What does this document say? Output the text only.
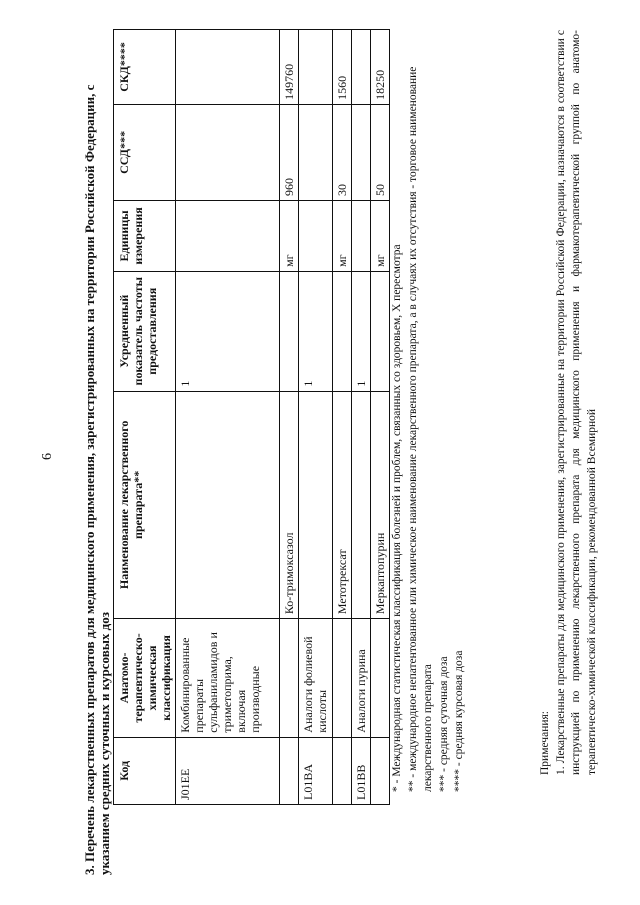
6 3. Перечень лекарственных препаратов для медицинского применения, зарегистрированных на территории Российской Федерации, с указанием средних суточных и курсовых доз Код	Анатомо-терапевтическо-химическая классификация	Наименование лекарственного препарата**	Усредненный показатель частоты предоставления	Единицы измерения	ССД***	СКД****
J01EE	Комбинированные препараты сульфаниламидов и триметоприма, включая производные		1			
		Ко-тримоксазол		мг	960	149760
L01BA	Аналоги фолиевой кислоты		1			
		Метотрексат		мг	30	1560
L01BB	Аналоги пурина		1			
		Меркаптопурин		мг	50	18250
* - Международная статистическая классификация болезней и проблем, связанных со здоровьем, X пересмотра ** - международное непатентованное или химическое наименование лекарственного препарата, а в случаях их отсутствия - торговое наименование лекарственного препарата *** - средняя суточная доза **** - средняя курсовая доза	Примечания: 1. Лекарственные препараты для медицинского применения, зарегистрированные на территории Российской Федерации, назначаются в соответствии с инструкцией по применению лекарственного препарата для медицинского применения и фармакотерапевтической группой по анатомо-терапевтическо-химической классификации, рекомендованной Всемирной
